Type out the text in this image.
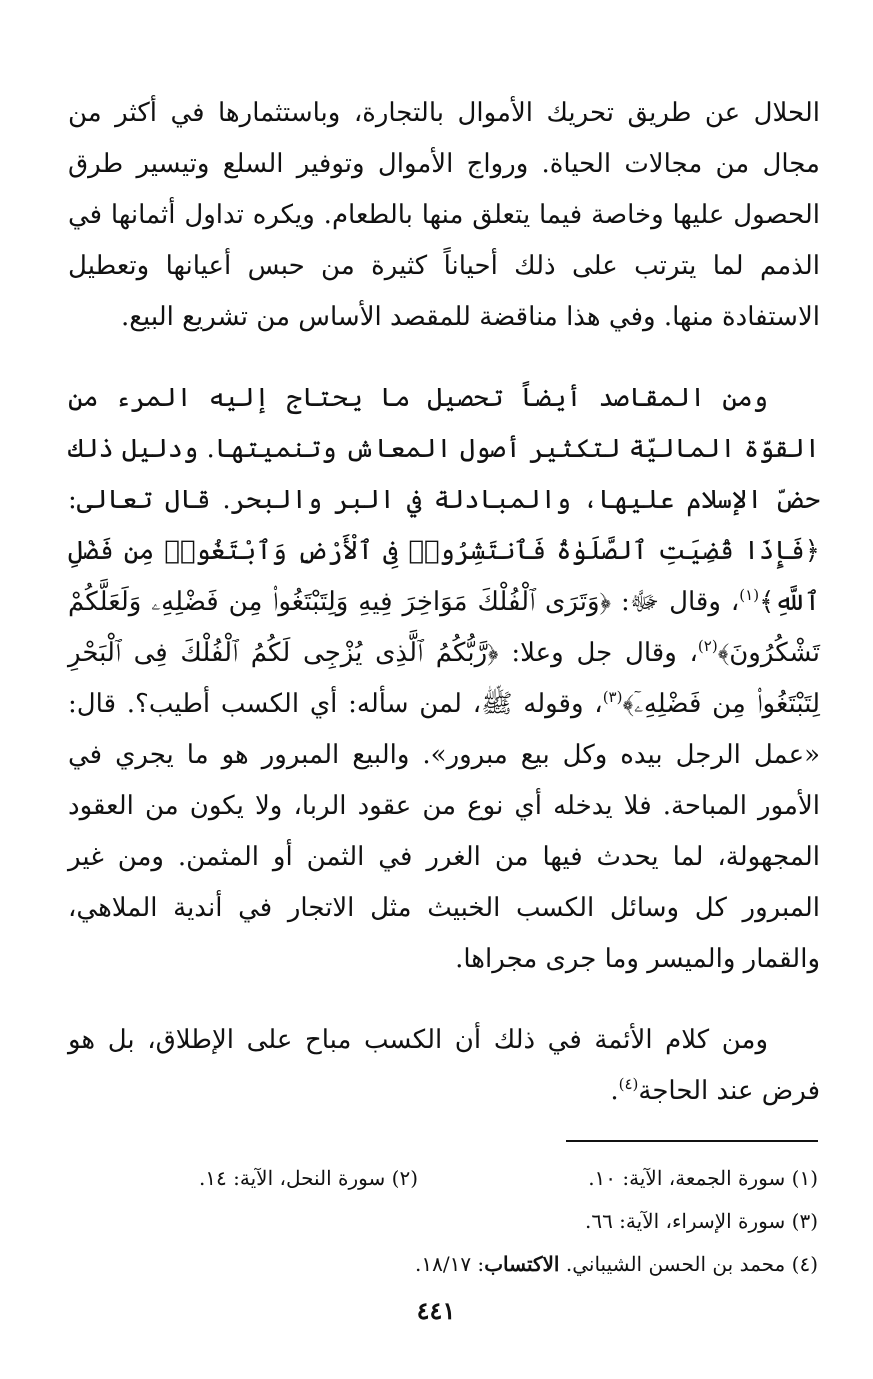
الحلال عن طريق تحريك الأموال بالتجارة، وباستثمارها في أكثر من مجال من مجالات الحياة. ورواج الأموال وتوفير السلع وتيسير طرق الحصول عليها وخاصة فيما يتعلق منها بالطعام. ويكره تداول أثمانها في الذمم لما يترتب على ذلك أحياناً كثيرة من حبس أعيانها وتعطيل الاستفادة منها. وفي هذا مناقضة للمقصد الأساس من تشريع البيع.

ومن المقاصد أيضاً تحصيل ما يحتاج إليه المرء من القوّة الماليّة لتكثير أصول المعاش وتنميتها. ودليل ذلك حضّ الإسلام عليها، والمبادلة في البر والبحر. قال تعالى: ﴿فَإِذَا قُضِيَتِ ٱلصَّلَوٰةُ فَٱنتَشِرُوا۟ فِى ٱلْأَرْضِ وَٱبْتَغُوا۟ مِن فَضْلِ ٱللَّهِ﴾$^{(١)}$، وقال ﷻ: ﴿وَتَرَى ٱلْفُلْكَ مَوَاخِرَ فِيهِ وَلِتَبْتَغُوا۟ مِن فَضْلِهِۦ وَلَعَلَّكُمْ تَشْكُرُونَ﴾$^{(٢)}$، وقال جل وعلا: ﴿رَّبُّكُمُ ٱلَّذِى يُزْجِى لَكُمُ ٱلْفُلْكَ فِى ٱلْبَحْرِ لِتَبْتَغُوا۟ مِن فَضْلِهِۦٓ﴾$^{(٣)}$، وقوله ﷺ، لمن سأله: أي الكسب أطيب؟. قال: «عمل الرجل بيده وكل بيع مبرور». والبيع المبرور هو ما يجري في الأمور المباحة. فلا يدخله أي نوع من عقود الربا، ولا يكون من العقود المجهولة، لما يحدث فيها من الغرر في الثمن أو المثمن. ومن غير المبرور كل وسائل الكسب الخبيث مثل الاتجار في أندية الملاهي، والقمار والميسر وما جرى مجراها.

ومن كلام الأئمة في ذلك أن الكسب مباح على الإطلاق، بل هو فرض عند الحاجة$^{(٤)}$.

(١) سورة الجمعة، الآية: ١٠.
(٢) سورة النحل، الآية: ١٤.
(٣) سورة الإسراء، الآية: ٦٦.
(٤) محمد بن الحسن الشيباني. الاكتساب: ١٨/١٧.
٤٤١
